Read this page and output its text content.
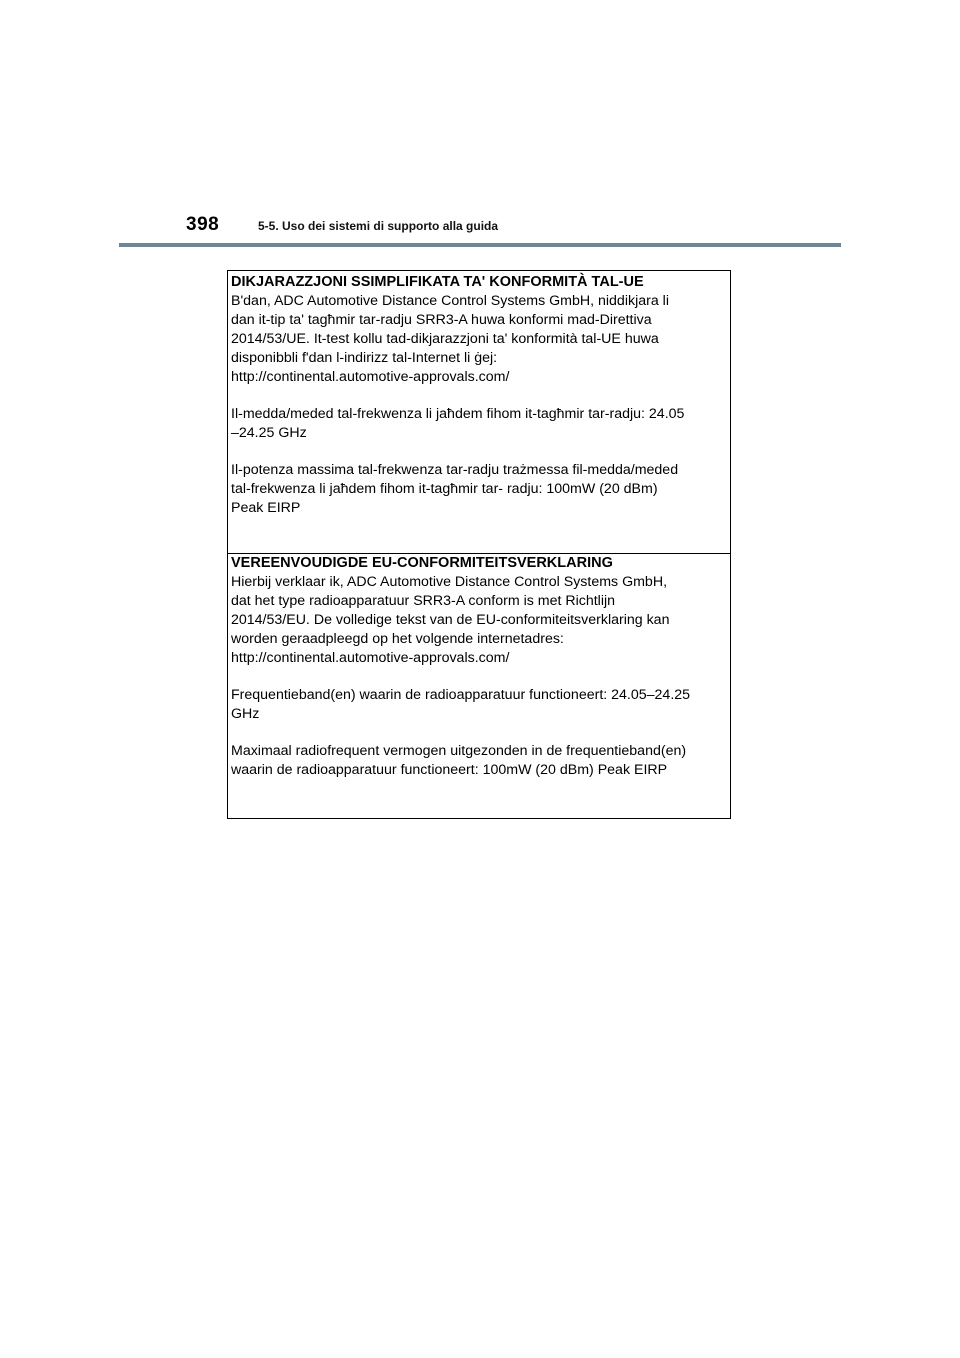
398	5-5. Uso dei sistemi di supporto alla guida
DIKJARAZZJONI SSIMPLIFIKATA TA' KONFORMITÀ TAL-UE

B'dan, ADC Automotive Distance Control Systems GmbH, niddikjara li
dan it-tip ta' tagħmir tar-radju SRR3-A huwa konformi mad-Direttiva
2014/53/UE. It-test kollu tad-dikjarazzjoni ta' konformità tal-UE huwa
disponibbli f'dan l-indirizz tal-Internet li ġej:
http://continental.automotive-approvals.com/

Il-medda/meded tal-frekwenza li jaħdem fihom it-tagħmir tar-radju: 24.05
–24.25 GHz

Il-potenza massima tal-frekwenza tar-radju trażmessa fil-medda/meded
tal-frekwenza li jaħdem fihom it-tagħmir tar- radju: 100mW (20 dBm)
Peak EIRP

VEREENVOUDIGDE EU-CONFORMITEITSVERKLARING

Hierbij verklaar ik, ADC Automotive Distance Control Systems GmbH,
dat het type radioapparatuur SRR3-A conform is met Richtlijn
2014/53/EU. De volledige tekst van de EU-conformiteitsverklaring kan
worden geraadpleegd op het volgende internetadres:
http://continental.automotive-approvals.com/

Frequentieband(en) waarin de radioapparatuur functioneert: 24.05–24.25
GHz

Maximaal radiofrequent vermogen uitgezonden in de frequentieband(en)
waarin de radioapparatuur functioneert: 100mW (20 dBm) Peak EIRP
